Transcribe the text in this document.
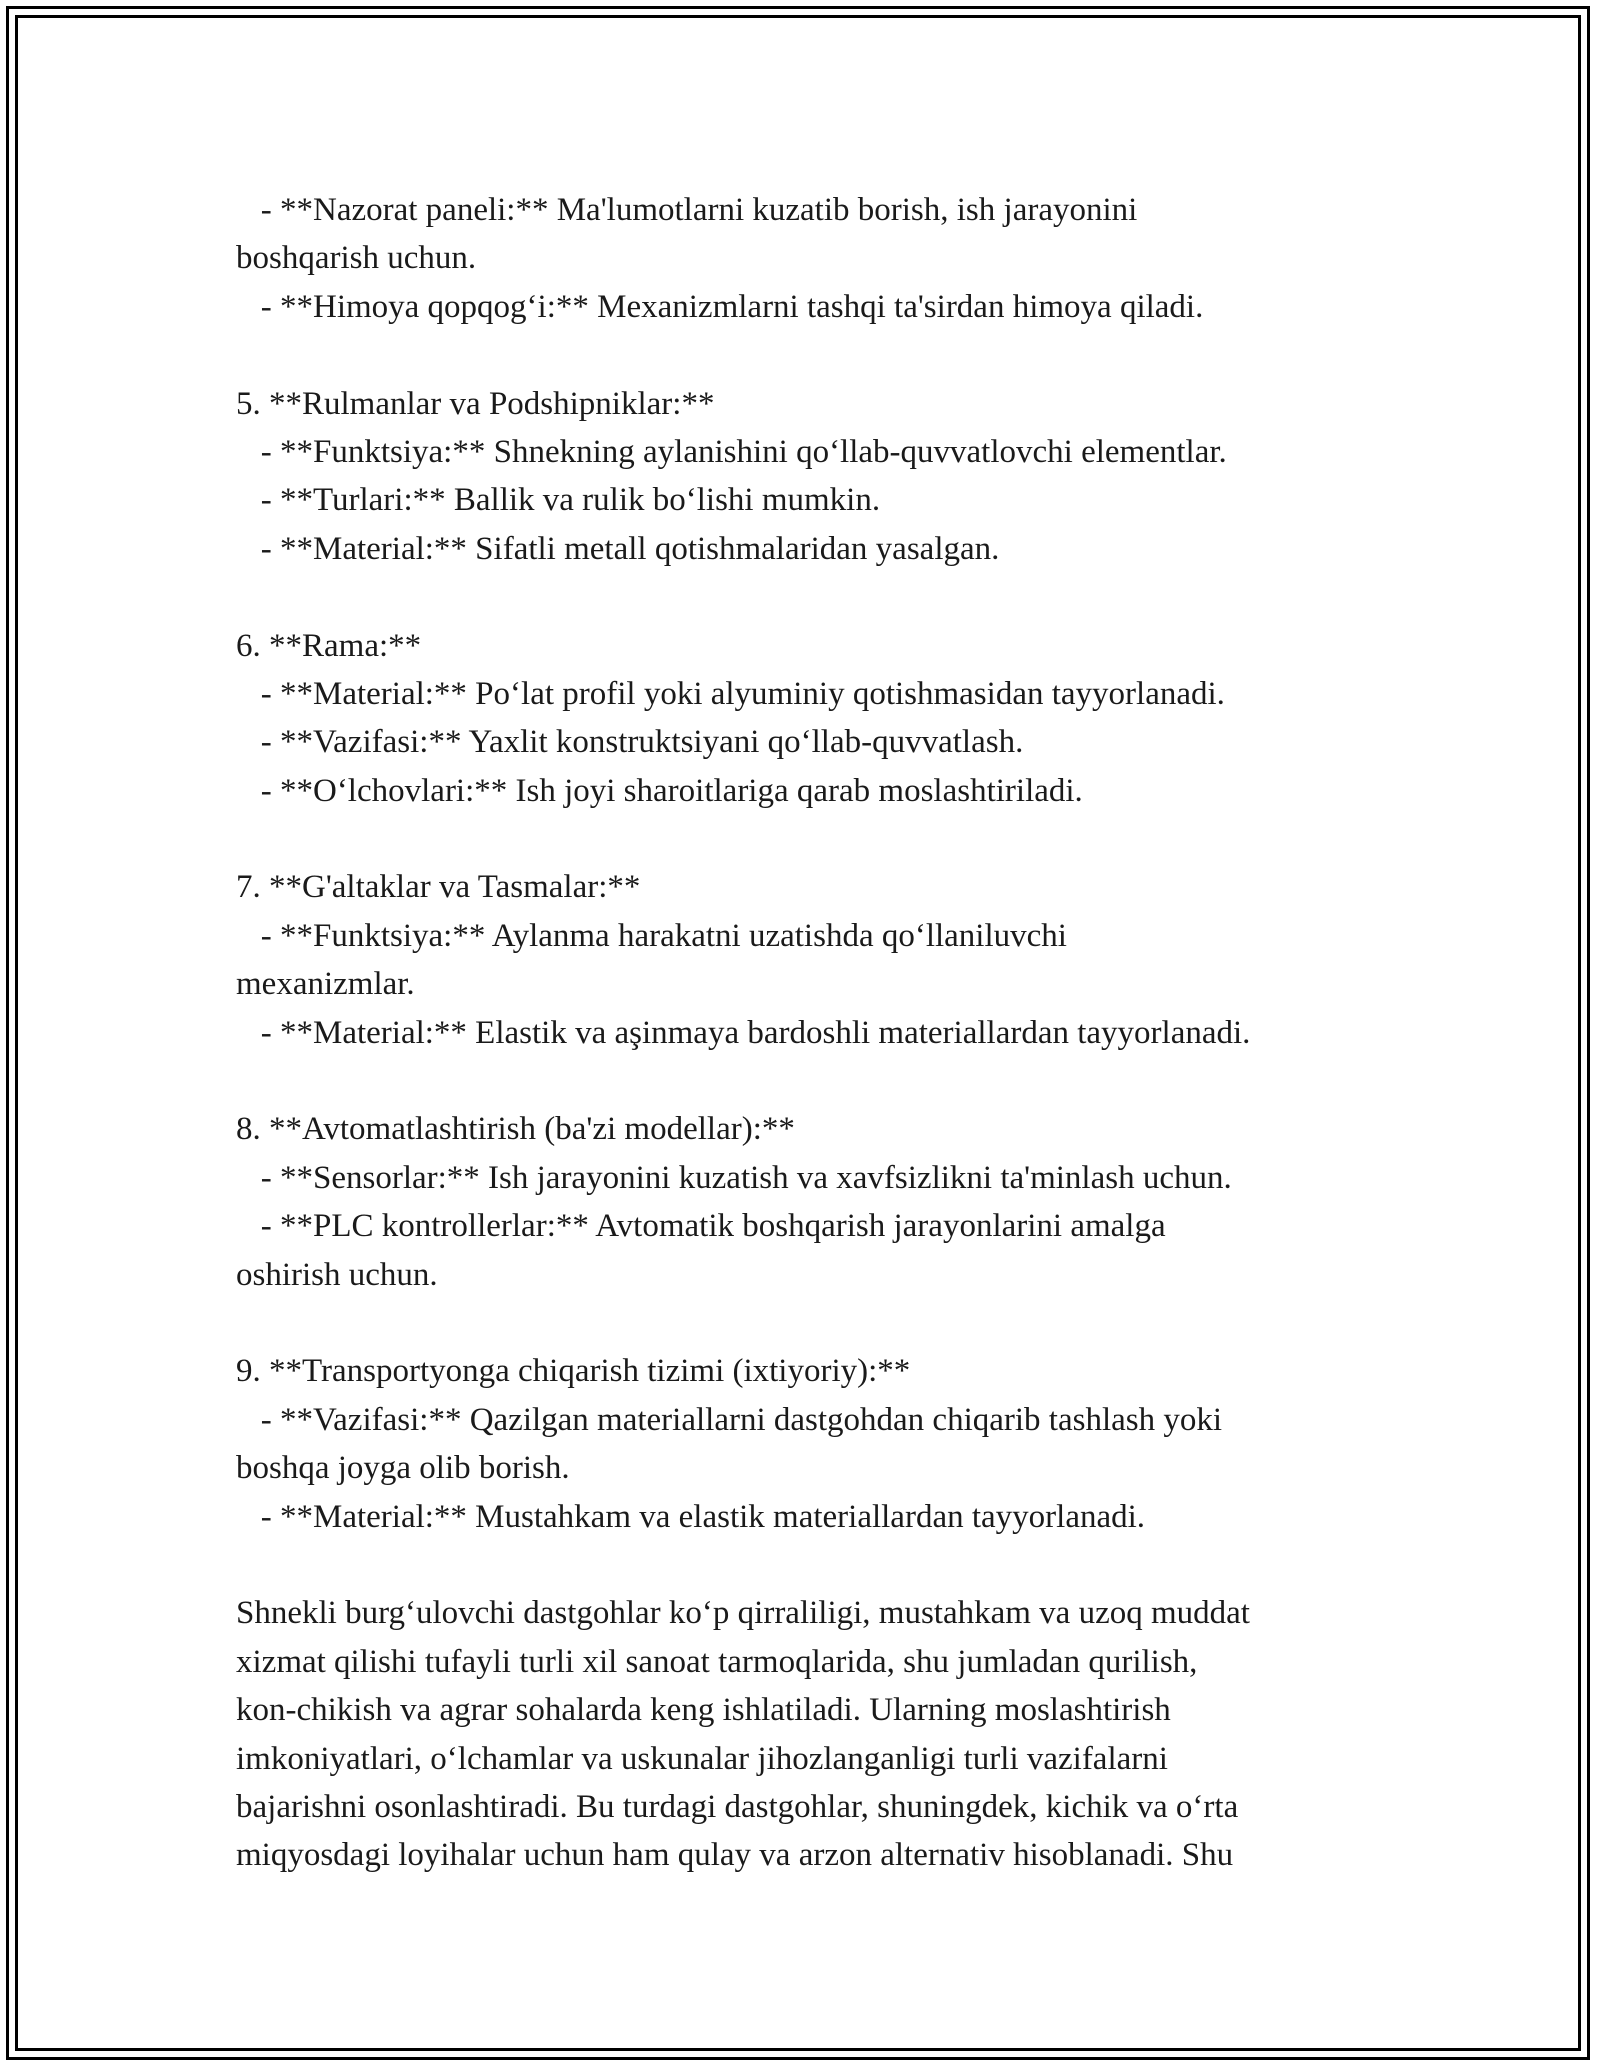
- **Nazorat paneli:** Ma'lumotlarni kuzatib borish, ish jarayonini
boshqarish uchun.
- **Himoya qopqog‘i:** Mexanizmlarni tashqi ta'sirdan himoya qiladi.
5. **Rulmanlar va Podshipniklar:**
- **Funktsiya:** Shnekning aylanishini qo‘llab-quvvatlovchi elementlar.
- **Turlari:** Ballik va rulik bo‘lishi mumkin.
- **Material:** Sifatli metall qotishmalaridan yasalgan.
6. **Rama:**
- **Material:** Po‘lat profil yoki alyuminiy qotishmasidan tayyorlanadi.
- **Vazifasi:** Yaxlit konstruktsiyani qo‘llab-quvvatlash.
- **O‘lchovlari:** Ish joyi sharoitlariga qarab moslashtiriladi.
7. **G'altaklar va Tasmalar:**
- **Funktsiya:** Aylanma harakatni uzatishda qo‘llaniluvchi
mexanizmlar.
- **Material:** Elastik va aşinmaya bardoshli materiallardan tayyorlanadi.
8. **Avtomatlashtirish (ba'zi modellar):**
- **Sensorlar:** Ish jarayonini kuzatish va xavfsizlikni ta'minlash uchun.
- **PLC kontrollerlar:** Avtomatik boshqarish jarayonlarini amalga
oshirish uchun.
9. **Transportyonga chiqarish tizimi (ixtiyoriy):**
- **Vazifasi:** Qazilgan materiallarni dastgohdan chiqarib tashlash yoki
boshqa joyga olib borish.
- **Material:** Mustahkam va elastik materiallardan tayyorlanadi.
Shnekli burg‘ulovchi dastgohlar ko‘p qirraliligi, mustahkam va uzoq muddat
xizmat qilishi tufayli turli xil sanoat tarmoqlarida, shu jumladan qurilish,
kon-chikish va agrar sohalarda keng ishlatiladi. Ularning moslashtirish
imkoniyatlari, o‘lchamlar va uskunalar jihozlanganligi turli vazifalarni
bajarishni osonlashtiradi. Bu turdagi dastgohlar, shuningdek, kichik va o‘rta
miqyosdagi loyihalar uchun ham qulay va arzon alternativ hisoblanadi. Shu
